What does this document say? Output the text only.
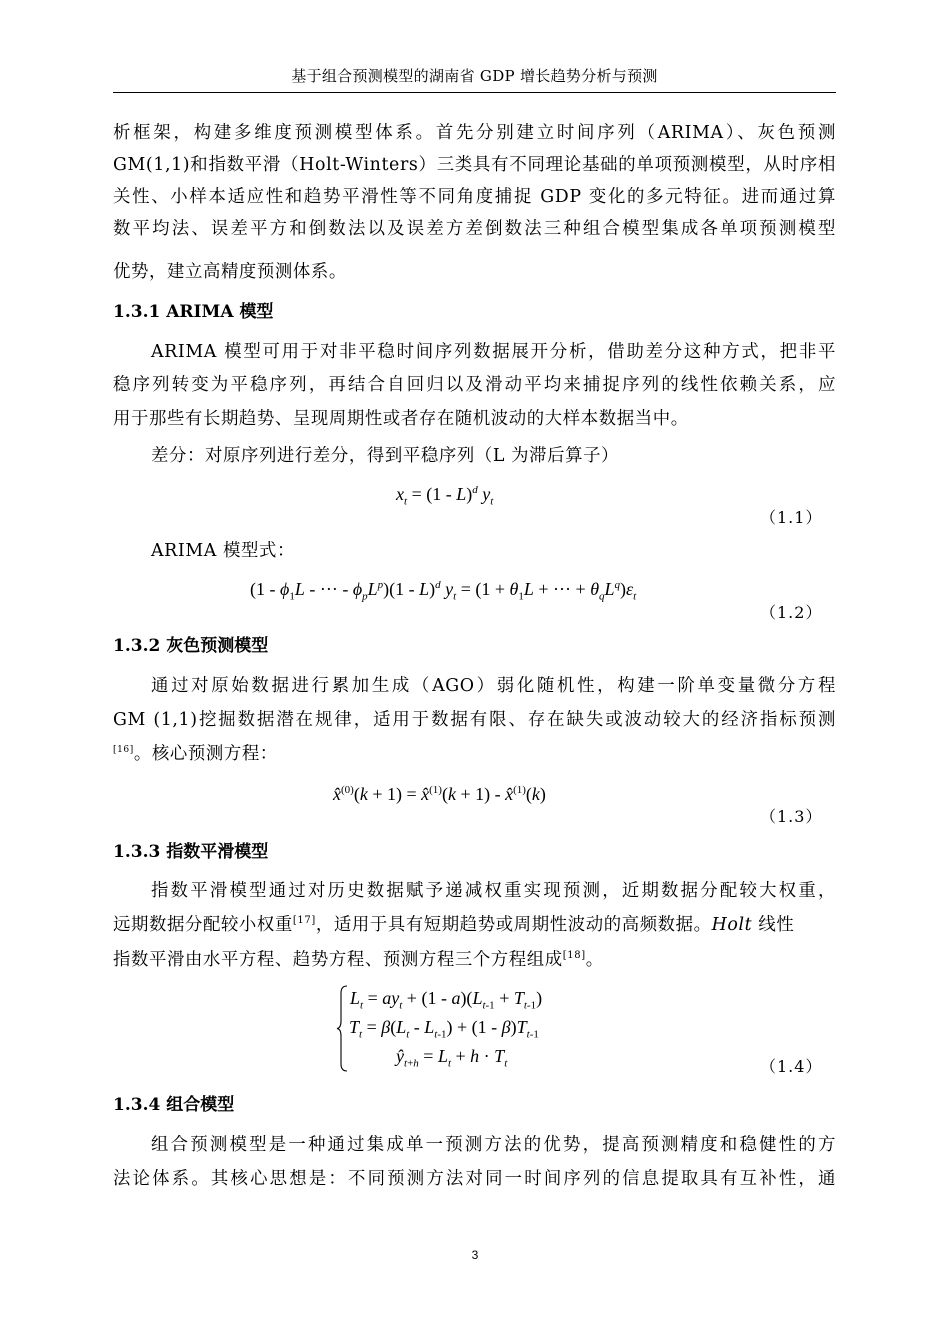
基于组合预测模型的湖南省 GDP 增长趋势分析与预测
析框架，构建多维度预测模型体系。首先分别建立时间序列（ARIMA）、灰色预测
GM(1,1)和指数平滑（Holt-Winters）三类具有不同理论基础的单项预测模型，从时序相
关性、小样本适应性和趋势平滑性等不同角度捕捉 GDP 变化的多元特征。进而通过算
数平均法、误差平方和倒数法以及误差方差倒数法三种组合模型集成各单项预测模型
优势，建立高精度预测体系。
1.3.1 ARIMA 模型
ARIMA 模型可用于对非平稳时间序列数据展开分析，借助差分这种方式，把非平
稳序列转变为平稳序列，再结合自回归以及滑动平均来捕捉序列的线性依赖关系，应
用于那些有长期趋势、呈现周期性或者存在随机波动的大样本数据当中。
差分：对原序列进行差分，得到平稳序列（L 为滞后算子）
$x_t = (1 - L)^d$ $y_t$
（1.1）
ARIMA 模型式：
($1 - \phi_1L$ - ··· - $\phi_pL^p)(1 - L)^d$ $y_t = (1 + \theta_1L$ + ··· + $\theta_qL^q)\varepsilon_t$
（1.2）
1.3.2 灰色预测模型
通过对原始数据进行累加生成（AGO）弱化随机性，构建一阶单变量微分方程
GM (1,1)挖掘数据潜在规律，适用于数据有限、存在缺失或波动较大的经济指标预测
[16]。核心预测方程：
x̂$^{(0)}$(k + 1) = x̂$^{(1)}$(k + 1) - x̂$^{(1)}$(k)
（1.3）
1.3.3 指数平滑模型
指数平滑模型通过对历史数据赋予递减权重实现预测，近期数据分配较大权重，
远期数据分配较小权重[17]，适用于具有短期趋势或周期性波动的高频数据。Holt 线性
指数平滑由水平方程、趋势方程、预测方程三个方程组成[18]。
$L_t = ay_t + (1 - a)(L_{t-1} + T_{t-1})$
$T_t = \beta(L_t - L_{t-1}) + (1 - \beta)T_{t-1}$
$ŷ_{t+h} = L_t + h \cdot T_t$	（1.4）
1.3.4 组合模型
组合预测模型是一种通过集成单一预测方法的优势，提高预测精度和稳健性的方
法论体系。其核心思想是：不同预测方法对同一时间序列的信息提取具有互补性，通
3
